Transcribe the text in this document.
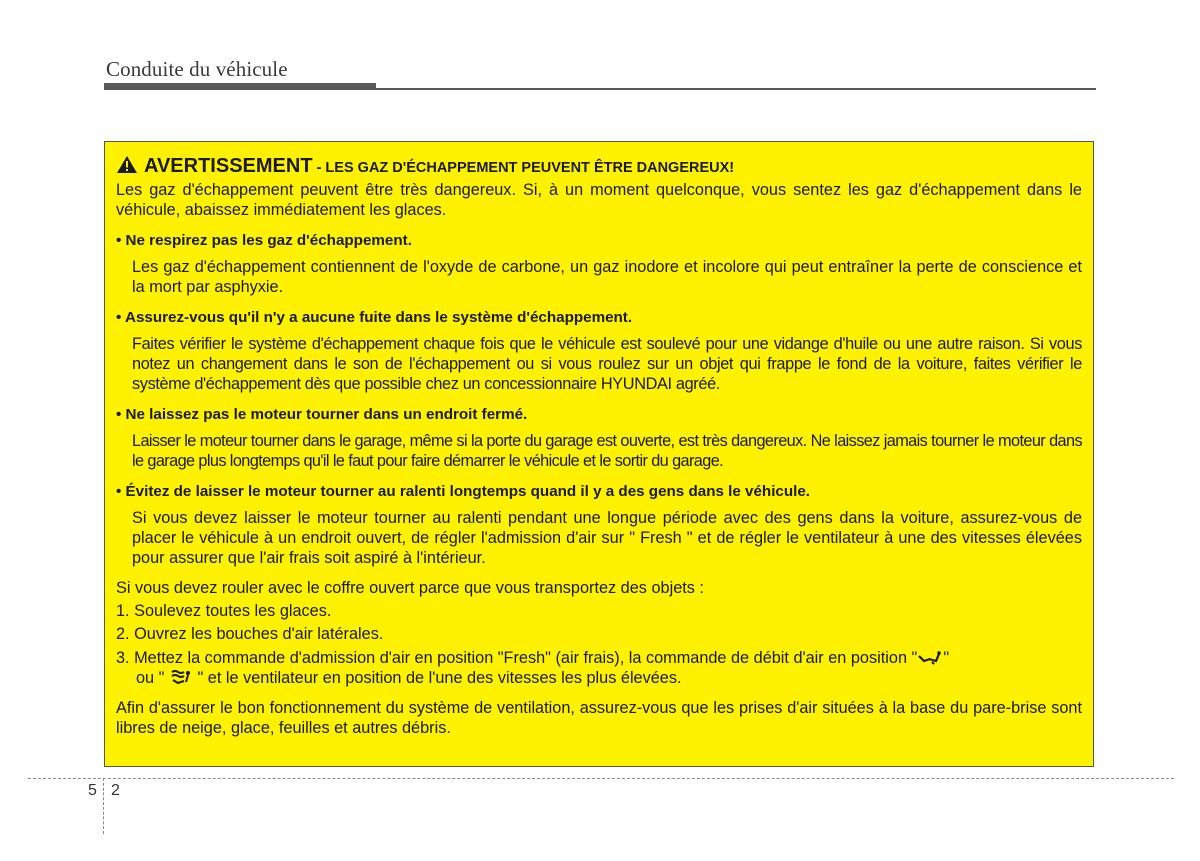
Conduite du véhicule
AVERTISSEMENT - LES GAZ D'ÉCHAPPEMENT PEUVENT ÊTRE DANGEREUX!

Les gaz d'échappement peuvent être très dangereux. Si, à un moment quelconque, vous sentez les gaz d'échappement dans le véhicule, abaissez immédiatement les glaces.

• Ne respirez pas les gaz d'échappement.

Les gaz d'échappement contiennent de l'oxyde de carbone, un gaz inodore et incolore qui peut entraîner la perte de conscience et la mort par asphyxie.

• Assurez-vous qu'il n'y a aucune fuite dans le système d'échappement.

Faites vérifier le système d'échappement chaque fois que le véhicule est soulevé pour une vidange d'huile ou une autre raison. Si vous notez un changement dans le son de l'échappement ou si vous roulez sur un objet qui frappe le fond de la voiture, faites vérifier le système d'échappement dès que possible chez un concessionnaire HYUNDAI agréé.

• Ne laissez pas le moteur tourner dans un endroit fermé.

Laisser le moteur tourner dans le garage, même si la porte du garage est ouverte, est très dangereux. Ne laissez jamais tourner le moteur dans le garage plus longtemps qu'il le faut pour faire démarrer le véhicule et le sortir du garage.

• Évitez de laisser le moteur tourner au ralenti longtemps quand il y a des gens dans le véhicule.

Si vous devez laisser le moteur tourner au ralenti pendant une longue période avec des gens dans la voiture, assurez-vous de placer le véhicule à un endroit ouvert, de régler l'admission d'air sur " Fresh " et de régler le ventilateur à une des vitesses élevées pour assurer que l'air frais soit aspiré à l'intérieur.

Si vous devez rouler avec le coffre ouvert parce que vous transportez des objets :

1. Soulevez toutes les glaces.

2. Ouvrez les bouches d'air latérales.

3. Mettez la commande d'admission d'air en position "Fresh" (air frais), la commande de débit d'air en position " "
ou " " et le ventilateur en position de l'une des vitesses les plus élevées.

Afin d'assurer le bon fonctionnement du système de ventilation, assurez-vous que les prises d'air situées à la base du pare-brise sont libres de neige, glace, feuilles et autres débris.

5 2
